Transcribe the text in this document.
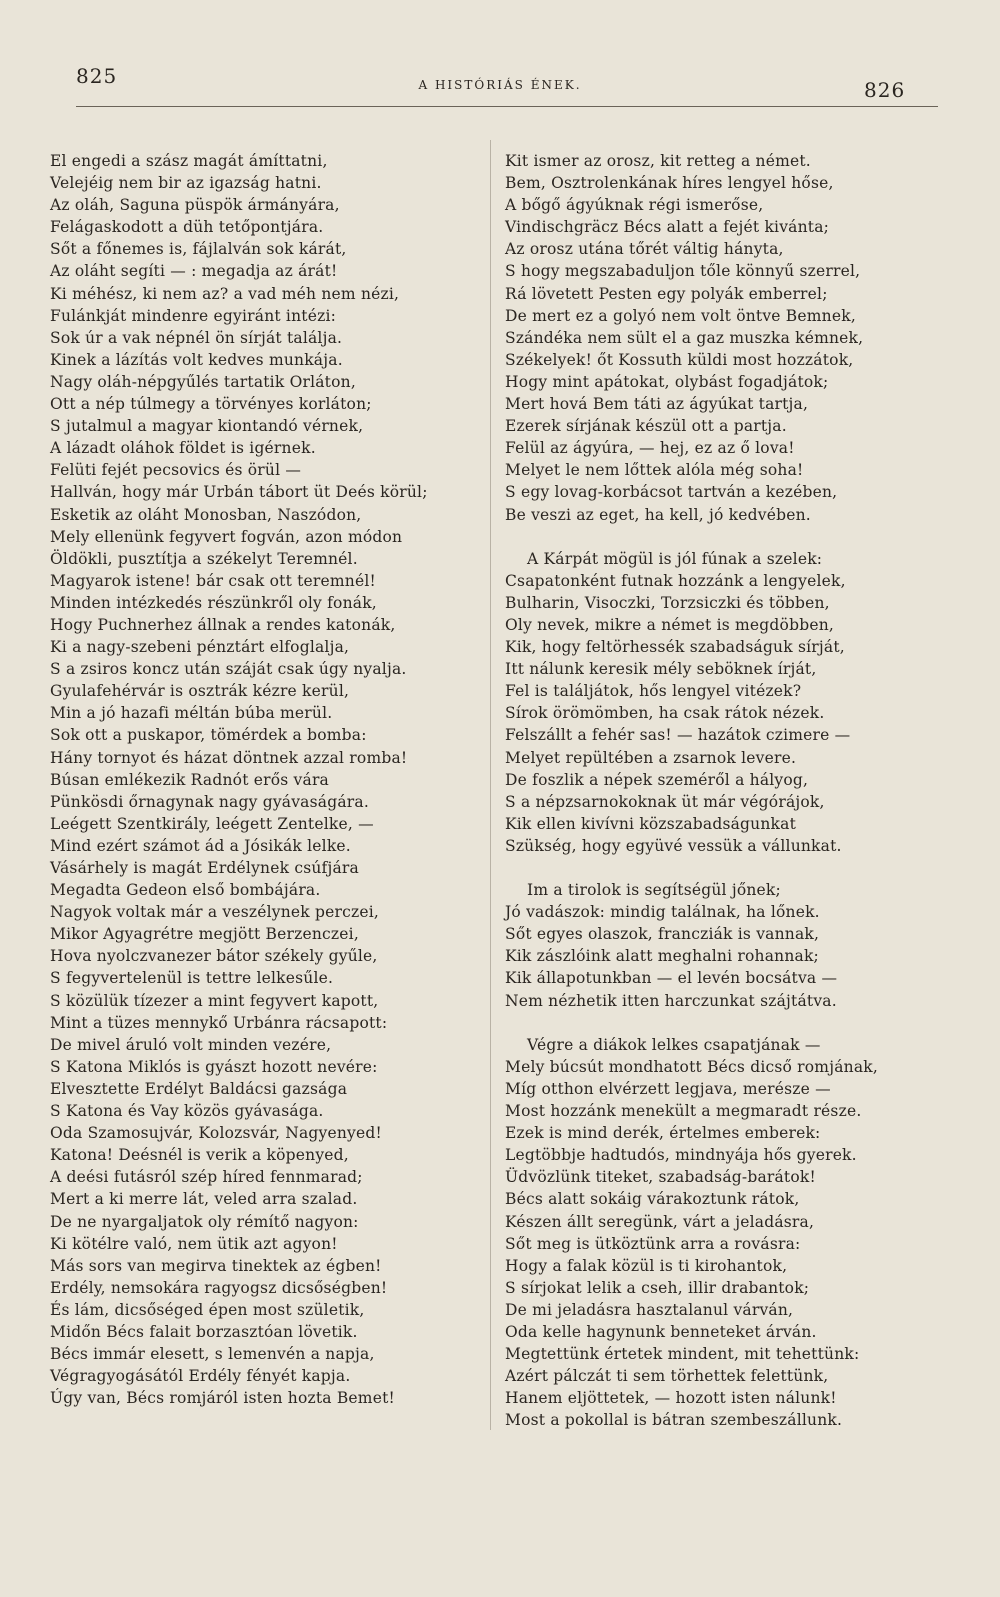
825	A HISTÓRIÁS ÉNEK.	826
El engedi a szász magát ámíttatni,
Velejéig nem bir az igazság hatni.
Az oláh, Saguna püspök ármányára,
Felágaskodott a düh tetőpontjára.
Sőt a főnemes is, fájlalván sok kárát,
Az oláht segíti — : megadja az árát!
Ki méhész, ki nem az? a vad méh nem nézi,
Fulánkját mindenre egyiránt intézi:
Sok úr a vak népnél ön sírját találja.
Kinek a lázítás volt kedves munkája.
Nagy oláh-népgyűlés tartatik Orláton,
Ott a nép túlmegy a törvényes korláton;
S jutalmul a magyar kiontandó vérnek,
A lázadt oláhok földet is igérnek.
Felüti fejét pecsovics és örül —
Hallván, hogy már Urbán tábort üt Deés körül;
Esketik az oláht Monosban, Naszódon,
Mely ellenünk fegyvert fogván, azon módon
Öldökli, pusztítja a székelyt Teremnél.
Magyarok istene! bár csak ott teremnél!
Minden intézkedés részünkről oly fonák,
Hogy Puchnerhez állnak a rendes katonák,
Ki a nagy-szebeni pénztárt elfoglalja,
S a zsiros koncz után száját csak úgy nyalja.
Gyulafehérvár is osztrák kézre kerül,
Min a jó hazafi méltán búba merül.
Sok ott a puskapor, tömérdek a bomba:
Hány tornyot és házat döntnek azzal romba!
Búsan emlékezik Radnót erős vára
Pünkösdi őrnagynak nagy gyávaságára.
Leégett Szentkirály, leégett Zentelke, —
Mind ezért számot ád a Jósikák lelke.
Vásárhely is magát Erdélynek csúfjára
Megadta Gedeon első bombájára.
Nagyok voltak már a veszélynek perczei,
Mikor Agyagrétre megjött Berzenczei,
Hova nyolczvanezer bátor székely gyűle,
S fegyvertelenül is tettre lelkesűle.
S közülük tízezer a mint fegyvert kapott,
Mint a tüzes mennykő Urbánra rácsapott:
De mivel áruló volt minden vezére,
S Katona Miklós is gyászt hozott nevére:
Elvesztette Erdélyt Baldácsi gazsága
S Katona és Vay közös gyávasága.
Oda Szamosujvár, Kolozsvár, Nagyenyed!
Katona! Deésnél is verik a köpenyed,
A deési futásról szép híred fennmarad;
Mert a ki merre lát, veled arra szalad.
De ne nyargaljatok oly rémítő nagyon:
Ki kötélre való, nem ütik azt agyon!
Más sors van megirva tinektek az égben!
Erdély, nemsokára ragyogsz dicsőségben!
És lám, dicsőséged épen most születik,
Midőn Bécs falait borzasztóan lövetik.
Bécs immár elesett, s lemenvén a napja,
Végragyogásától Erdély fényét kapja.
Úgy van, Bécs romjáról isten hozta Bemet!
Kit ismer az orosz, kit retteg a német.
Bem, Osztrolenkának híres lengyel hőse,
A bőgő ágyúknak régi ismerőse,
Vindischgräcz Bécs alatt a fejét kivánta;
Az orosz utána tőrét váltig hányta,
S hogy megszabaduljon tőle könnyű szerrel,
Rá lövetett Pesten egy polyák emberrel;
De mert ez a golyó nem volt öntve Bemnek,
Szándéka nem sült el a gaz muszka kémnek,
Székelyek! őt Kossuth küldi most hozzátok,
Hogy mint apátokat, olybást fogadjátok;
Mert hová Bem táti az ágyúkat tartja,
Ezerek sírjának készül ott a partja.
Felül az ágyúra, — hej, ez az ő lova!
Melyet le nem lőttek alóla még soha!
S egy lovag-korbácsot tartván a kezében,
Be veszi az eget, ha kell, jó kedvében.
A Kárpát mögül is jól fúnak a szelek:
Csapatonként futnak hozzánk a lengyelek,
Bulharin, Visoczki, Torzsiczki és többen,
Oly nevek, mikre a német is megdöbben,
Kik, hogy feltörhessék szabadságuk sírját,
Itt nálunk keresik mély seböknek írját,
Fel is találjátok, hős lengyel vitézek?
Sírok örömömben, ha csak rátok nézek.
Felszállt a fehér sas! — hazátok czimere —
Melyet repültében a zsarnok levere.
De foszlik a népek szeméről a hályog,
S a népzsarnokoknak üt már végórájok,
Kik ellen kivívni közszabadságunkat
Szükség, hogy együvé vessük a vállunkat.
Im a tirolok is segítségül jőnek;
Jó vadászok: mindig találnak, ha lőnek.
Sőt egyes olaszok, francziák is vannak,
Kik zászlóink alatt meghalni rohannak;
Kik állapotunkban — el levén bocsátva —
Nem nézhetik itten harczunkat szájtátva.
Végre a diákok lelkes csapatjának —
Mely búcsút mondhatott Bécs dicső romjának,
Míg otthon elvérzett legjava, merésze —
Most hozzánk menekült a megmaradt része.
Ezek is mind derék, értelmes emberek:
Legtöbbje hadtudós, mindnyája hős gyerek.
Üdvözlünk titeket, szabadság-barátok!
Bécs alatt sokáig várakoztunk rátok,
Készen állt seregünk, várt a jeladásra,
Sőt meg is ütköztünk arra a rovásra:
Hogy a falak közül is ti kirohantok,
S sírjokat lelik a cseh, illir drabantok;
De mi jeladásra hasztalanul várván,
Oda kelle hagynunk benneteket árván.
Megtettünk értetek mindent, mit tehettünk:
Azért pálczát ti sem törhettek felettünk,
Hanem eljöttetek, — hozott isten nálunk!
Most a pokollal is bátran szembeszállunk.
